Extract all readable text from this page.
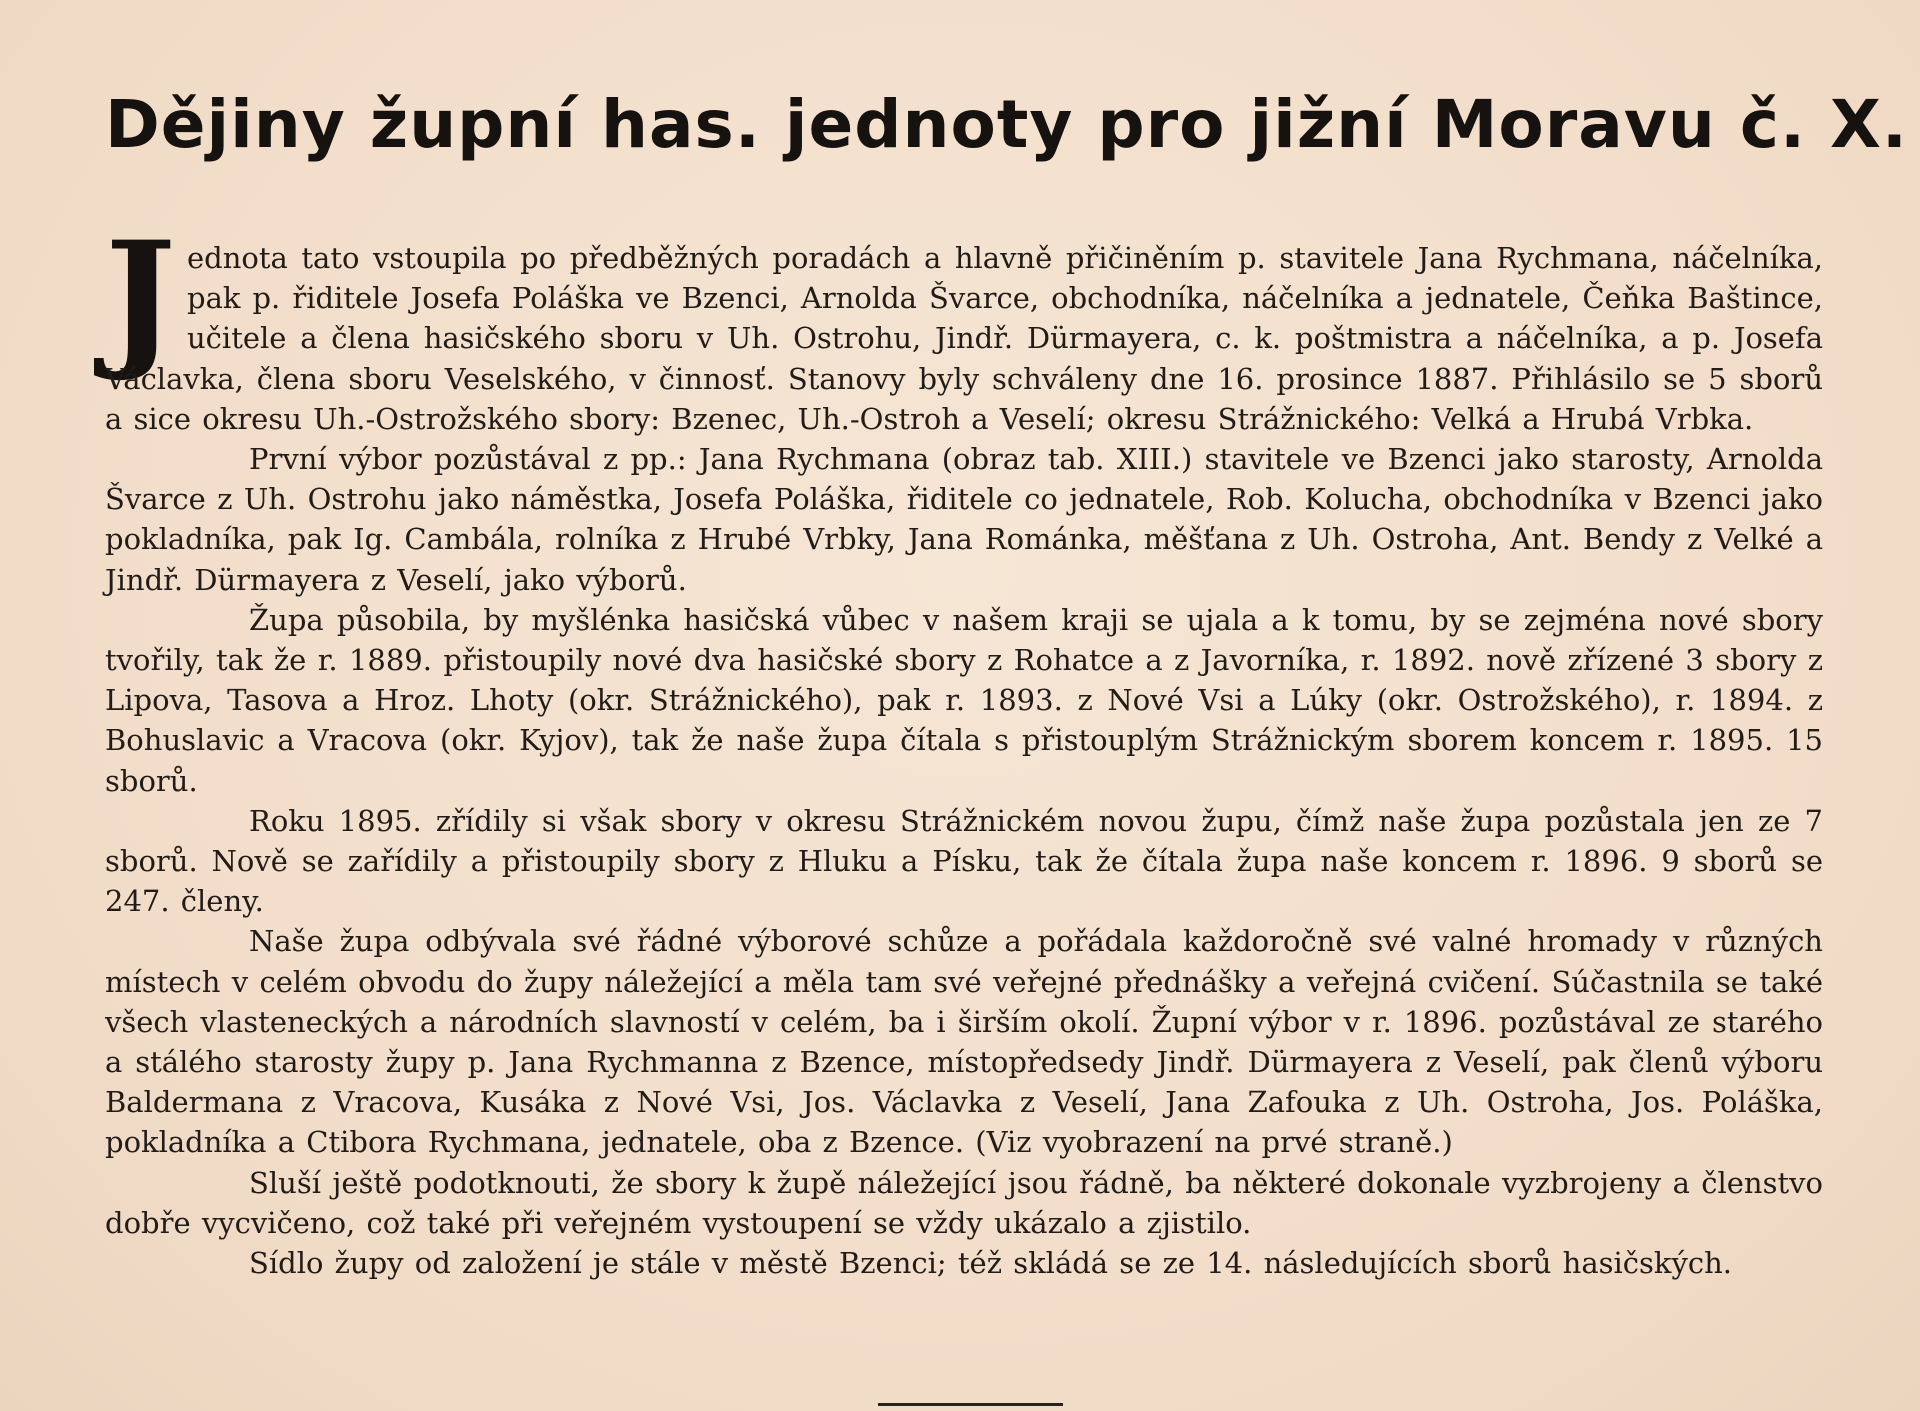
Dějiny župní has. jednoty pro jižní Moravu č. X.

Jednota tato vstoupila po předběžných poradách a hlavně přičiněním p. stavitele Jana Rychmana, náčelníka, pak p. řiditele Josefa Poláška ve Bzenci, Arnolda Švarce, obchodníka, náčelníka a jednatele, Čeňka Baštince, učitele a člena hasičského sboru v Uh. Ostrohu, Jindř. Dürmayera, c. k. poštmistra a náčelníka, a p. Josefa Václavka, člena sboru Veselského, v činnosť. Stanovy byly schváleny dne 16. prosince 1887. Přihlásilo se 5 sborů a sice okresu Uh.-Ostrožského sbory: Bzenec, Uh.-Ostroh a Veselí; okresu Strážnického: Velká a Hrubá Vrbka.

První výbor pozůstával z pp.: Jana Rychmana (obraz tab. XIII.) stavitele ve Bzenci jako starosty, Arnolda Švarce z Uh. Ostrohu jako náměstka, Josefa Poláška, řiditele co jednatele, Rob. Kolucha, obchodníka v Bzenci jako pokladníka, pak Ig. Cambála, rolníka z Hrubé Vrbky, Jana Románka, měšťana z Uh. Ostroha, Ant. Bendy z Velké a Jindř. Dürmayera z Veselí, jako výborů.

Župa působila, by myšlénka hasičská vůbec v našem kraji se ujala a k tomu, by se zejména nové sbory tvořily, tak že r. 1889. přistoupily nové dva hasičské sbory z Rohatce a z Javorníka, r. 1892. nově zřízené 3 sbory z Lipova, Tasova a Hroz. Lhoty (okr. Strážnického), pak r. 1893. z Nové Vsi a Lúky (okr. Ostrožského), r. 1894. z Bohuslavic a Vracova (okr. Kyjov), tak že naše župa čítala s přistouplým Strážnickým sborem koncem r. 1895. 15 sborů.

Roku 1895. zřídily si však sbory v okresu Strážnickém novou župu, čímž naše župa pozůstala jen ze 7 sborů. Nově se zařídily a přistoupily sbory z Hluku a Písku, tak že čítala župa naše koncem r. 1896. 9 sborů se 247. členy.

Naše župa odbývala své řádné výborové schůze a pořádala každoročně své valné hromady v různých místech v celém obvodu do župy náležející a měla tam své veřejné přednášky a veřejná cvičení. Súčastnila se také všech vlasteneckých a národních slavností v celém, ba i širším okolí. Župní výbor v r. 1896. pozůstával ze starého a stálého starosty župy p. Jana Rychmanna z Bzence, místopředsedy Jindř. Dürmayera z Veselí, pak členů výboru Baldermana z Vracova, Kusáka z Nové Vsi, Jos. Václavka z Veselí, Jana Zafouka z Uh. Ostroha, Jos. Poláška, pokladníka a Ctibora Rychmana, jednatele, oba z Bzence. (Viz vyobrazení na prvé straně.)

Sluší ještě podotknouti, že sbory k župě náležející jsou řádně, ba některé dokonale vyzbrojeny a členstvo dobře vycvičeno, což také při veřejném vystoupení se vždy ukázalo a zjistilo.

Sídlo župy od založení je stále v městě Bzenci; též skládá se ze 14. následujících sborů hasičských.
